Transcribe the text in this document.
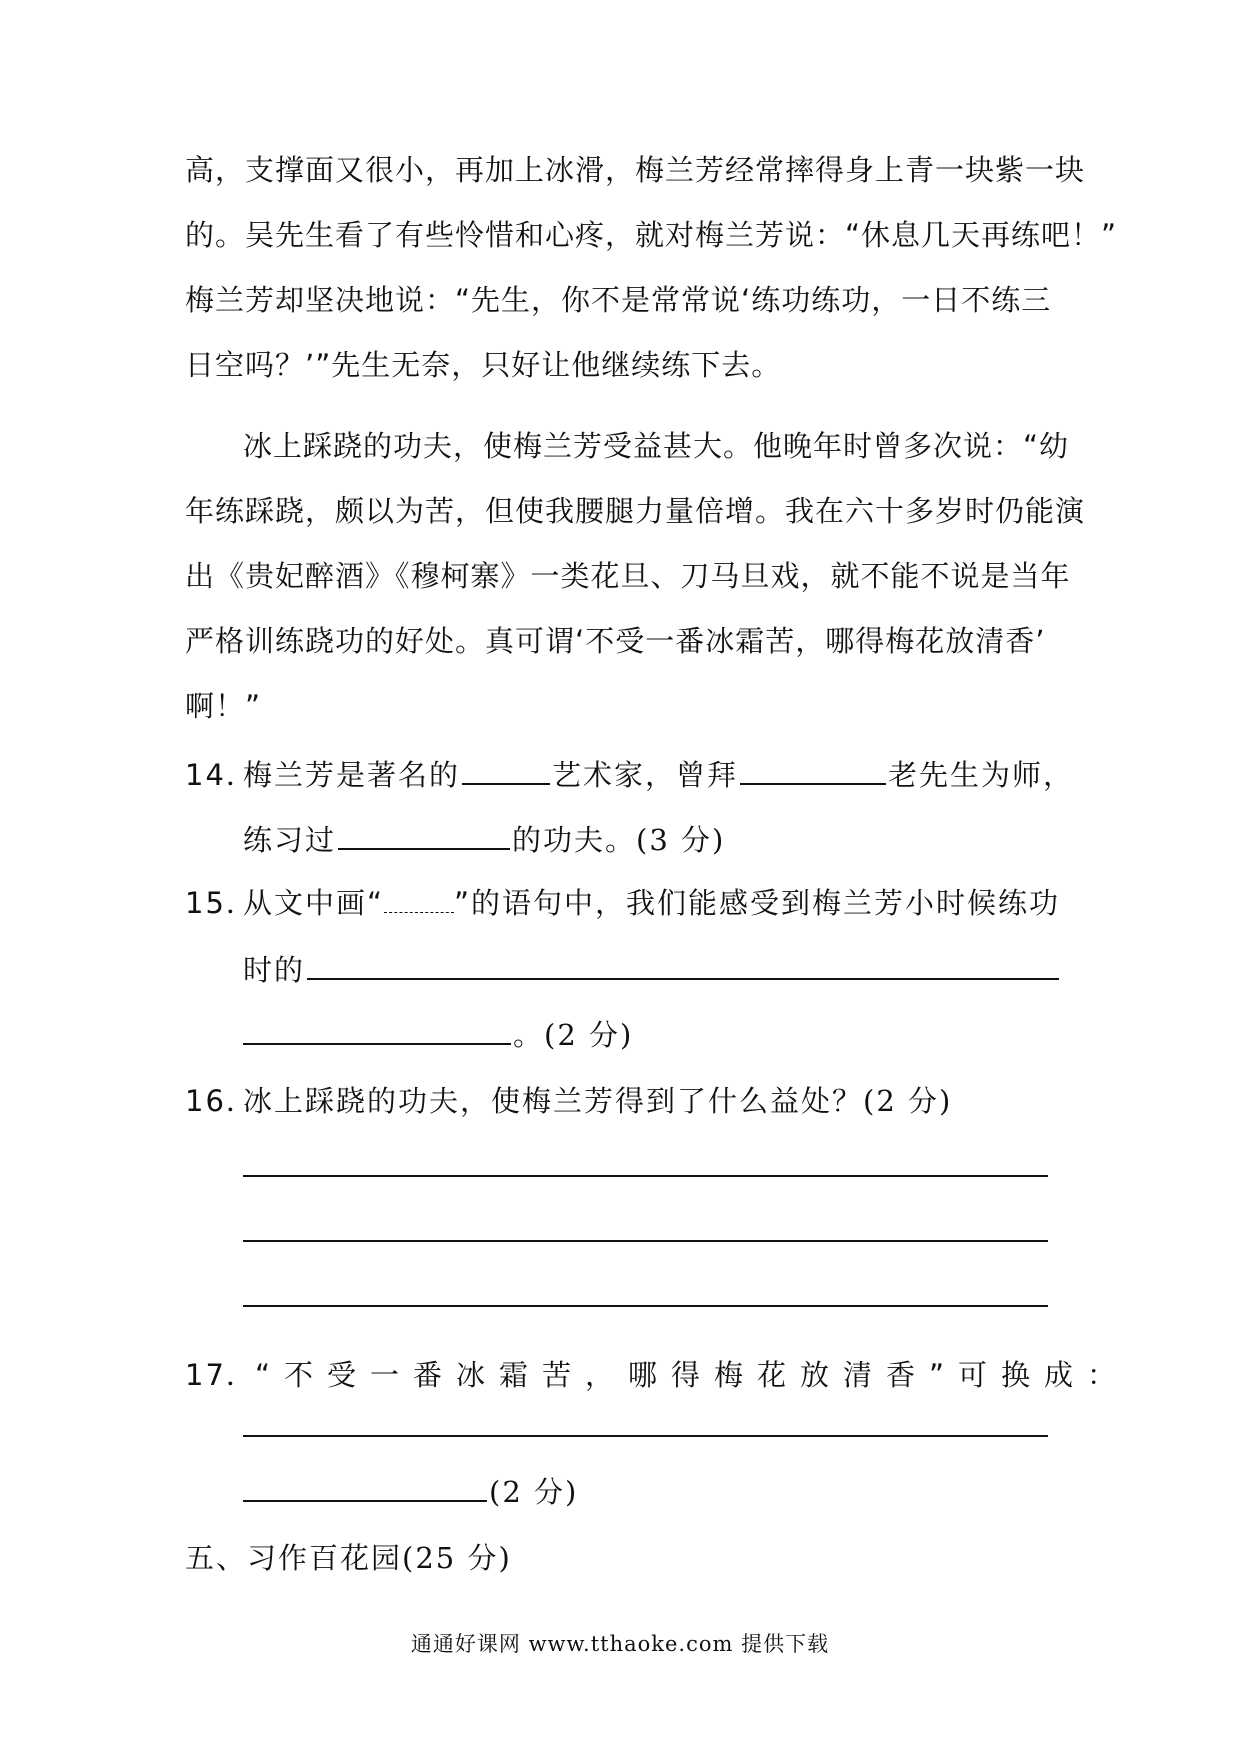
高，支撑面又很小，再加上冰滑，梅兰芳经常摔得身上青一块紫一块
的。吴先生看了有些怜惜和心疼，就对梅兰芳说：“休息几天再练吧！”
梅兰芳却坚决地说：“先生，你不是常常说‘练功练功，一日不练三
日空吗？’”先生无奈，只好让他继续练下去。
冰上踩跷的功夫，使梅兰芳受益甚大。他晚年时曾多次说：“幼
年练踩跷，颇以为苦，但使我腰腿力量倍增。我在六十多岁时仍能演
出《贵妃醉酒》《穆柯寨》一类花旦、刀马旦戏，就不能不说是当年
严格训练跷功的好处。真可谓‘不受一番冰霜苦，哪得梅花放清香’
啊！”
14．梅兰芳是著名的	艺术家，曾拜	老先生为师，
练习过	的功夫。(3 分)
15．从文中画“ ”的语句中，我们能感受到梅兰芳小时候练功
时的
。(2 分)
16．冰上踩跷的功夫，使梅兰芳得到了什么益处？(2 分)
17．“不受一番冰霜苦，哪得梅花放清香”可换成：
(2 分)
五、习作百花园(25 分)
通通好课网 www.tthaoke.com 提供下载
